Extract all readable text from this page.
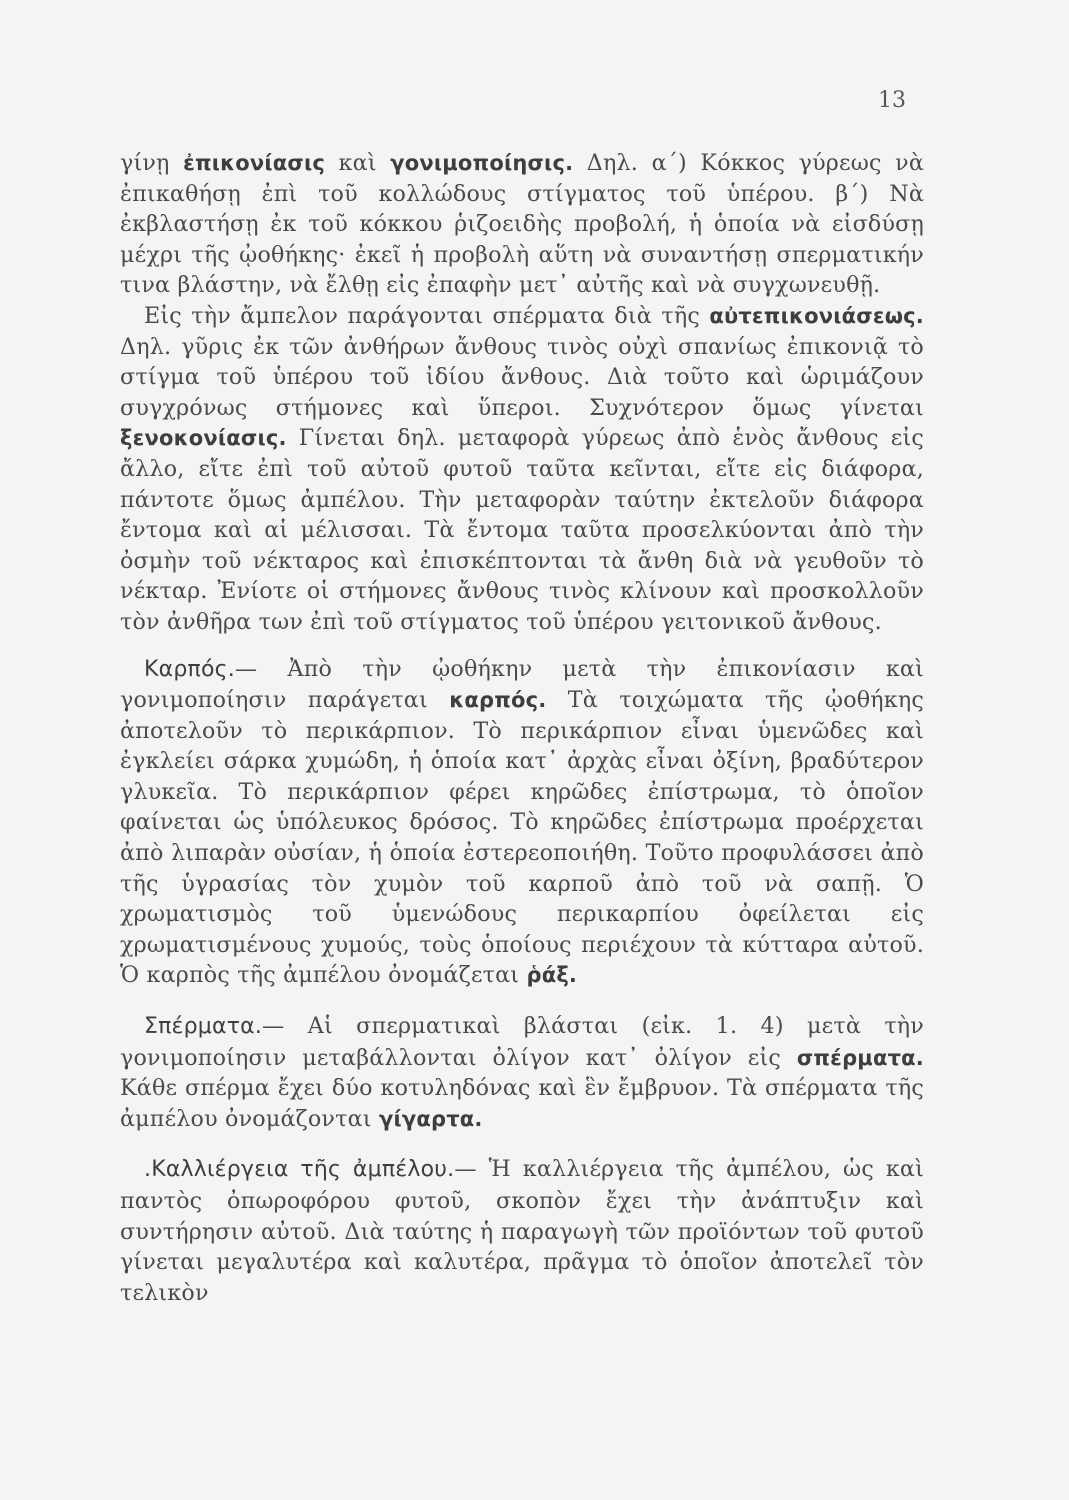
13

γίνῃ ἐπικονίασις καὶ γονιμοποίησις. Δηλ. α΄) Κόκκος γύρεως νὰ ἐπικαθήσῃ ἐπὶ τοῦ κολλώδους στίγματος τοῦ ὑπέρου. β΄) Νὰ ἐκβλαστήσῃ ἐκ τοῦ κόκκου ῥιζοειδὴς προβολή, ἡ ὁποία νὰ εἰσδύσῃ μέχρι τῆς ᾠοθήκης· ἐκεῖ ἡ προβολὴ αὕτη νὰ συναντήσῃ σπερματικήν τινα βλάστην, νὰ ἔλθῃ εἰς ἐπαφὴν μετ᾽ αὐτῆς καὶ νὰ συγχωνευθῇ.

Εἰς τὴν ἄμπελον παράγονται σπέρματα διὰ τῆς αὐτεπικονιάσεως. Δηλ. γῦρις ἐκ τῶν ἀνθήρων ἄνθους τινὸς οὐχὶ σπανίως ἐπικονιᾷ τὸ στίγμα τοῦ ὑπέρου τοῦ ἰδίου ἄνθους. Διὰ τοῦτο καὶ ὡριμάζουν συγχρόνως στήμονες καὶ ὕπεροι. Συχνότερον ὅμως γίνεται ξενοκονίασις. Γίνεται δηλ. μεταφορὰ γύρεως ἀπὸ ἑνὸς ἄνθους εἰς ἄλλο, εἴτε ἐπὶ τοῦ αὐτοῦ φυτοῦ ταῦτα κεῖνται, εἴτε εἰς διάφορα, πάντοτε ὅμως ἀμπέλου. Τὴν μεταφορὰν ταύτην ἐκτελοῦν διάφορα ἔντομα καὶ αἱ μέλισσαι. Τὰ ἔντομα ταῦτα προσελκύονται ἀπὸ τὴν ὀσμὴν τοῦ νέκταρος καὶ ἐπισκέπτονται τὰ ἄνθη διὰ νὰ γευθοῦν τὸ νέκταρ. Ἐνίοτε οἱ στήμονες ἄνθους τινὸς κλίνουν καὶ προσκολλοῦν τὸν ἀνθῆρα των ἐπὶ τοῦ στίγματος τοῦ ὑπέρου γειτονικοῦ ἄνθους.

Καρπός.— Ἀπὸ τὴν ᾠοθήκην μετὰ τὴν ἐπικονίασιν καὶ γονιμοποίησιν παράγεται καρπός. Τὰ τοιχώματα τῆς ᾠοθήκης ἀποτελοῦν τὸ περικάρπιον. Τὸ περικάρπιον εἶναι ὑμενῶδες καὶ ἐγκλείει σάρκα χυμώδη, ἡ ὁποία κατ᾽ ἀρχὰς εἶναι ὀξίνη, βραδύτερον γλυκεῖα. Τὸ περικάρπιον φέρει κηρῶδες ἐπίστρωμα, τὸ ὁποῖον φαίνεται ὡς ὑπόλευκος δρόσος. Τὸ κηρῶδες ἐπίστρωμα προέρχεται ἀπὸ λιπαρὰν οὐσίαν, ἡ ὁποία ἐστερεοποιήθη. Τοῦτο προφυλάσσει ἀπὸ τῆς ὑγρασίας τὸν χυμὸν τοῦ καρποῦ ἀπὸ τοῦ νὰ σαπῇ. Ὁ χρωματισμὸς τοῦ ὑμενώδους περικαρπίου ὀφείλεται εἰς χρωματισμένους χυμούς, τοὺς ὁποίους περιέχουν τὰ κύτταρα αὐτοῦ. Ὁ καρπὸς τῆς ἀμπέλου ὀνομάζεται ῥάξ.

Σπέρματα.— Αἱ σπερματικαὶ βλάσται (εἰκ. 1. 4) μετὰ τὴν γονιμοποίησιν μεταβάλλονται ὀλίγον κατ᾽ ὀλίγον εἰς σπέρματα. Κάθε σπέρμα ἔχει δύο κοτυληδόνας καὶ ἓν ἔμβρυον. Τὰ σπέρματα τῆς ἀμπέλου ὀνομάζονται γίγαρτα.

.Καλλιέργεια τῆς ἀμπέλου.— Ἡ καλλιέργεια τῆς ἀμπέλου, ὡς καὶ παντὸς ὀπωροφόρου φυτοῦ, σκοπὸν ἔχει τὴν ἀνάπτυξιν καὶ συντήρησιν αὐτοῦ. Διὰ ταύτης ἡ παραγωγὴ τῶν προϊόντων τοῦ φυτοῦ γίνεται μεγαλυτέρα καὶ καλυτέρα, πρᾶγμα τὸ ὁποῖον ἀποτελεῖ τὸν τελικὸν
